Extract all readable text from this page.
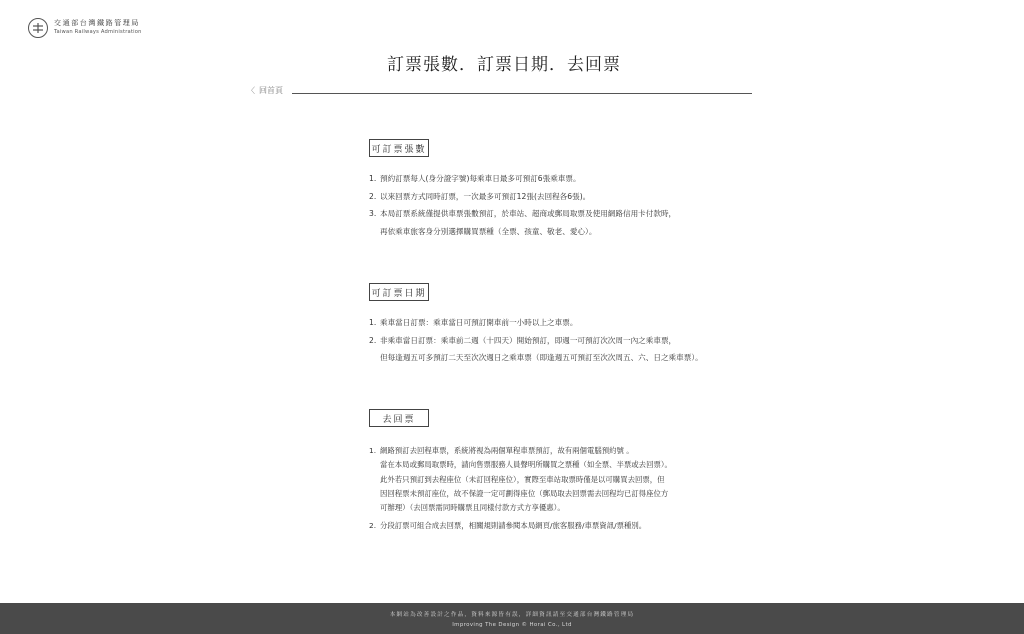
交通部台灣鐵路管理局
Taiwan Railways Administration
訂票張數．訂票日期．去回票
〈 回首頁
可訂票張數
1. 預約訂票每人(身分證字號)每乘車日最多可預訂6張乘車票。
2. 以來回票方式同時訂票，一次最多可預訂12張(去回程各6張)。
3. 本局訂票系統僅提供車票張數預訂，於車站、超商或郵局取票及使用網路信用卡付款時，
再依乘車旅客身分別選擇購買票種（全票、孩童、敬老、愛心）。
可訂票日期
1. 乘車當日訂票：乘車當日可預訂開車前一小時以上之車票。
2. 非乘車當日訂票：乘車前二週（十四天）開始預訂，即週一可預訂次次周一內之乘車票，
但每逢週五可多預訂二天至次次週日之乘車票（即逢週五可預訂至次次周五、六、日之乘車票）。
去回票
1. 網路預訂去回程車票，系統將視為兩個單程車票預訂，故有兩個電腦預約號 。
當在本局或郵局取票時，請向售票服務人員聲明所購買之票種（如全票、半票或去回票）。
此外若只預訂到去程座位（未訂回程座位），實際至車站取票時僅是以可購買去回票，但
因回程票未預訂座位，故不保證一定可劃得座位（郵局取去回票需去回程均已訂得座位方
可辦理）（去回票需同時購票且同樣付款方式方享優惠）。
2. 分段訂票可組合成去回票，相關規則請參閱本局網頁/旅客服務/車票資訊/票種別。
本網站為改善設計之作品，資料來源皆有誤，詳細資訊請至交通部台灣鐵路管理局
Improving The Design © Horai Co., Ltd
